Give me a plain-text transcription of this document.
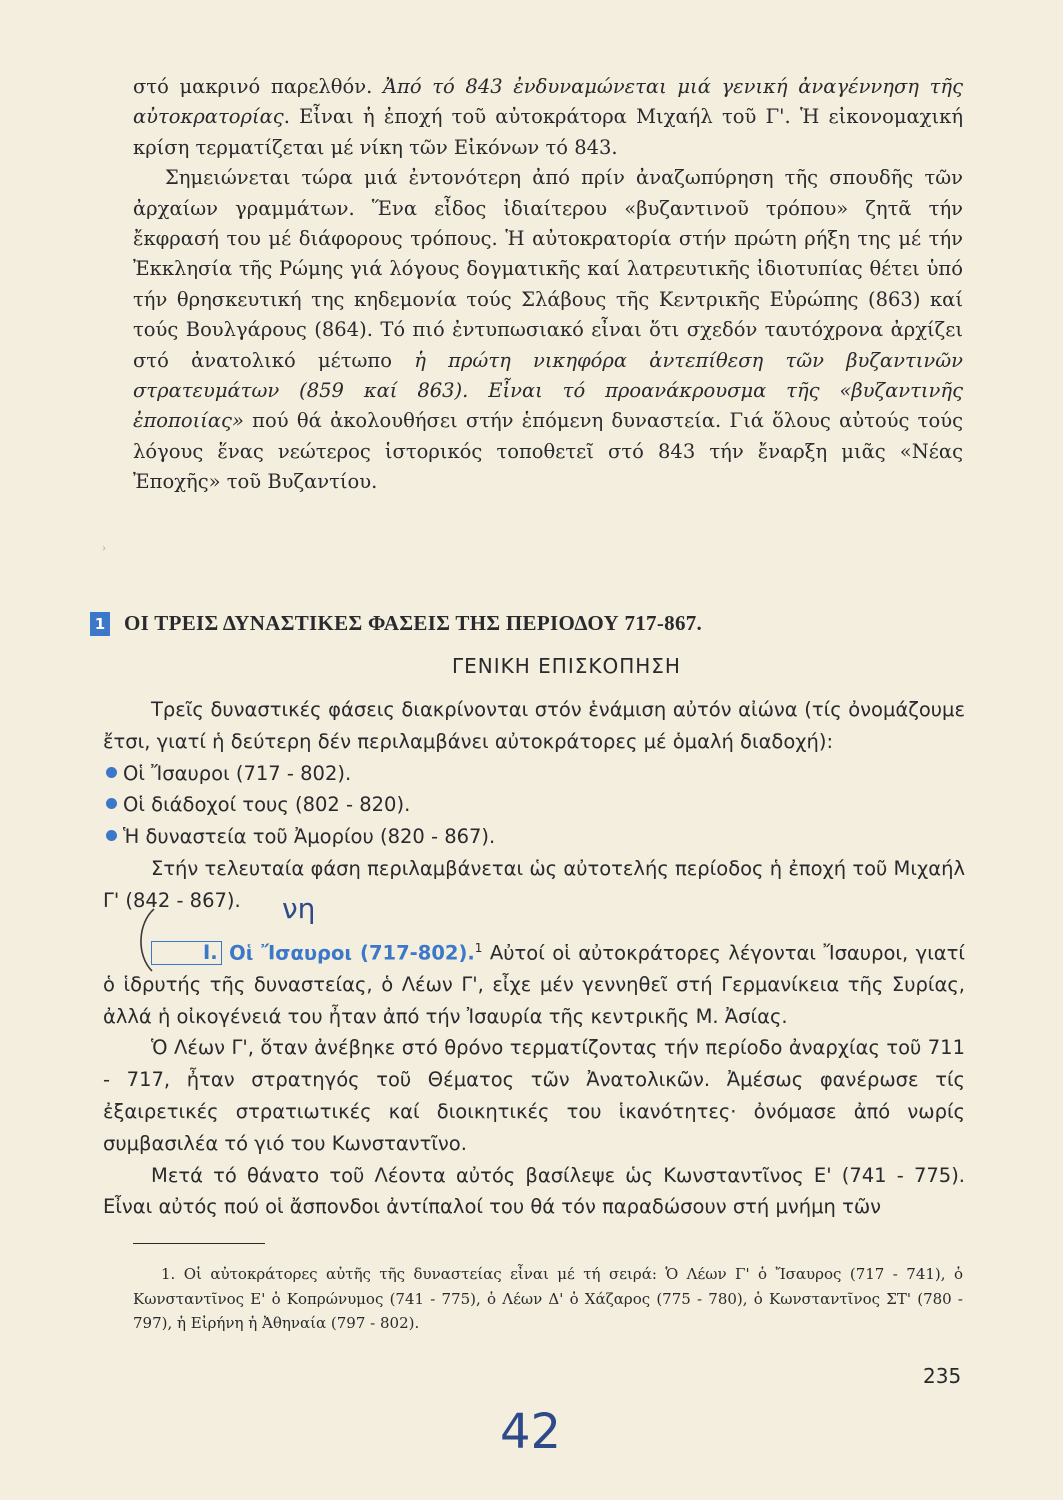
στό μακρινό παρελθόν. Ἀπό τό 843 ἐνδυναμώνεται μιά γενική ἀναγέννηση τῆς αὐτοκρατορίας. Εἶναι ἡ ἐποχή τοῦ αὐτοκράτορα Μιχαήλ τοῦ Γ'. Ἡ εἰκονομαχική κρίση τερματίζεται μέ νίκη τῶν Εἰκόνων τό 843.

Σημειώνεται τώρα μιά ἐντονότερη ἀπό πρίν ἀναζωπύρηση τῆς σπουδῆς τῶν ἀρχαίων γραμμάτων. Ἕνα εἶδος ἰδιαίτερου «βυζαντινοῦ τρόπου» ζητᾶ τήν ἔκφρασή του μέ διάφορους τρόπους. Ἡ αὐτοκρατορία στήν πρώτη ρήξη της μέ τήν Ἐκκλησία τῆς Ρώμης γιά λόγους δογματικῆς καί λατρευτικῆς ἰδιοτυπίας θέτει ὑπό τήν θρησκευτική της κηδεμονία τούς Σλάβους τῆς Κεντρικῆς Εὐρώπης (863) καί τούς Βουλγάρους (864). Τό πιό ἐντυπωσιακό εἶναι ὅτι σχεδόν ταυτόχρονα ἀρχίζει στό ἀνατολικό μέτωπο ἡ πρώτη νικηφόρα ἀντεπίθεση τῶν βυζαντινῶν στρατευμάτων (859 καί 863). Εἶναι τό προανάκρουσμα τῆς «βυζαντινῆς ἐποποιίας» πού θά ἀκολουθήσει στήν ἑπόμενη δυναστεία. Γιά ὅλους αὐτούς τούς λόγους ἕνας νεώτερος ἱστορικός τοποθετεῖ στό 843 τήν ἔναρξη μιᾶς «Νέας Ἐποχῆς» τοῦ Βυζαντίου.

›
1 ΟΙ ΤΡΕΙΣ ΔΥΝΑΣΤΙΚΕΣ ΦΑΣΕΙΣ ΤΗΣ ΠΕΡΙΟΔΟΥ 717-867.
ΓΕΝΙΚΗ ΕΠΙΣΚΟΠΗΣΗ

Τρεῖς δυναστικές φάσεις διακρίνονται στόν ἑνάμιση αὐτόν αἰώνα (τίς ὀνομάζουμε ἔτσι, γιατί ἡ δεύτερη δέν περιλαμβάνει αὐτοκράτορες μέ ὁμαλή διαδοχή):

Οἱ Ἴσαυροι (717 - 802).
Οἱ διάδοχοί τους (802 - 820).
Ἡ δυναστεία τοῦ Ἀμορίου (820 - 867).

Στήν τελευταία φάση περιλαμβάνεται ὡς αὐτοτελής περίοδος ἡ ἐποχή τοῦ Μιχαήλ Γ' (842 - 867).

I. Οἱ Ἴσαυροι (717-802).$^1$ Αὐτοί οἱ αὐτοκράτορες λέγονται Ἴσαυροι, γιατί ὁ ἱδρυτής τῆς δυναστείας, ὁ Λέων Γ', εἶχε μέν γεννηθεῖ στή Γερμανίκεια τῆς Συρίας, ἀλλά ἡ οἰκογένειά του ἦταν ἀπό τήν Ἰσαυρία τῆς κεντρικῆς Μ. Ἀσίας.

Ὁ Λέων Γ', ὅταν ἀνέβηκε στό θρόνο τερματίζοντας τήν περίοδο ἀναρχίας τοῦ 711 - 717, ἦταν στρατηγός τοῦ Θέματος τῶν Ἀνατολικῶν. Ἀμέσως φανέρωσε τίς ἐξαιρετικές στρατιωτικές καί διοικητικές του ἱκανότητες· ὀνόμασε ἀπό νωρίς συμβασιλέα τό γιό του Κωνσταντῖνο.

Μετά τό θάνατο τοῦ Λέοντα αὐτός βασίλεψε ὡς Κωνσταντῖνος Ε' (741 - 775). Εἶναι αὐτός πού οἱ ἄσπονδοι ἀντίπαλοί του θά τόν παραδώσουν στή μνήμη τῶν

νη

1. Οἱ αὐτοκράτορες αὐτῆς τῆς δυναστείας εἶναι μέ τή σειρά: Ὁ Λέων Γ' ὁ Ἴσαυρος (717 - 741), ὁ Κωνσταντῖνος Ε' ὁ Κοπρώνυμος (741 - 775), ὁ Λέων Δ' ὁ Χάζαρος (775 - 780), ὁ Κωνσταντῖνος ΣΤ' (780 - 797), ἡ Εἰρήνη ἡ Ἀθηναία (797 - 802).

235
42
